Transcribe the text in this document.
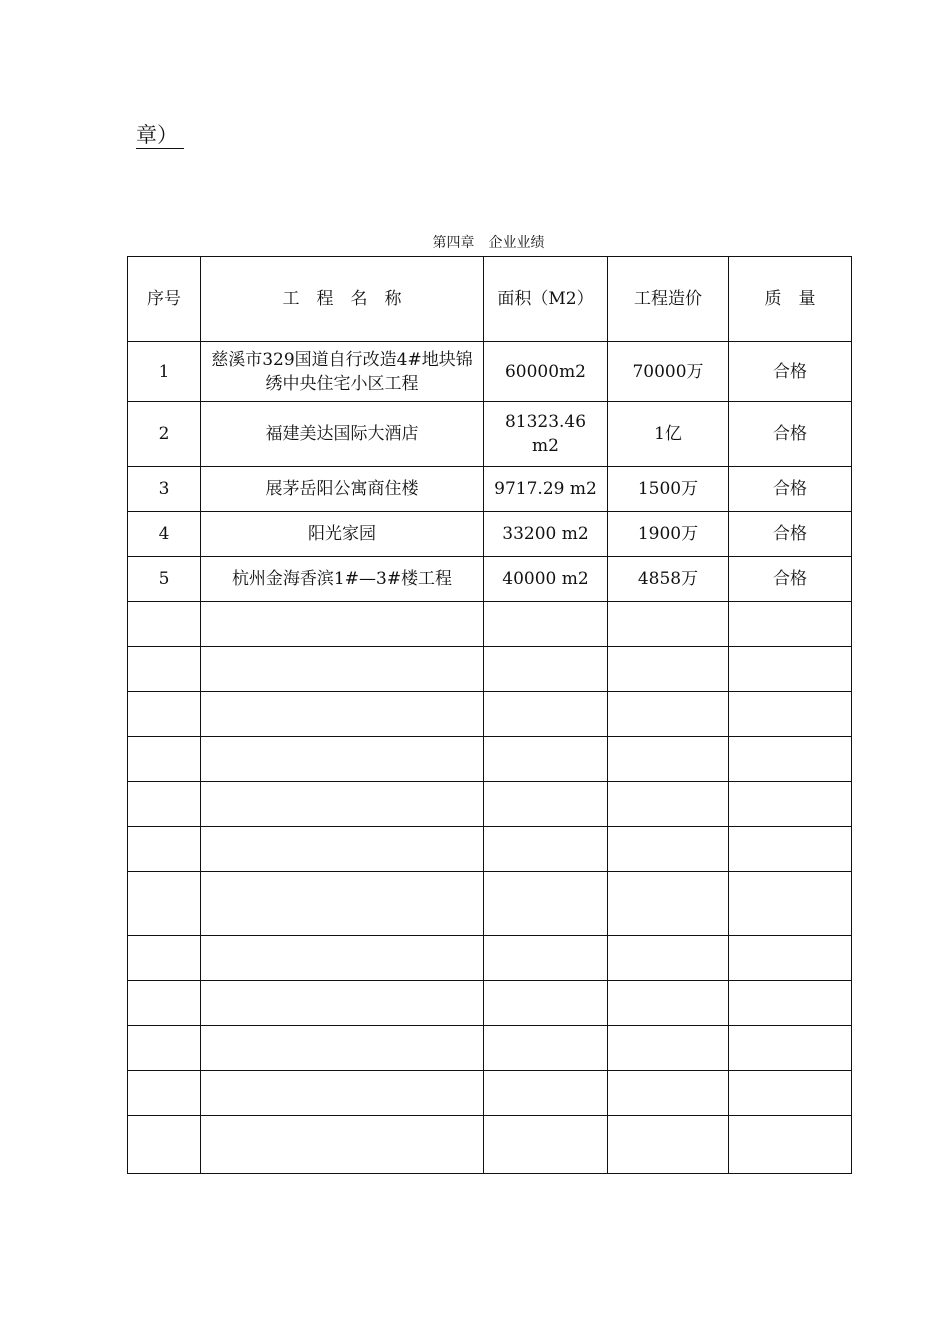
章）
第四章　企业业绩
序号	工　程　名　称	面积（M2）	工程造价	质　量
1	慈溪市329国道自行改造4#地块锦绣中央住宅小区工程	60000m2	70000万	合格
2	福建美达国际大酒店	81323.46 m2	1亿	合格
3	展茅岳阳公寓商住楼	9717.29 m2	1500万	合格
4	阳光家园	33200 m2	1900万	合格
5	杭州金海香滨1#—3#楼工程	40000 m2	4858万	合格
